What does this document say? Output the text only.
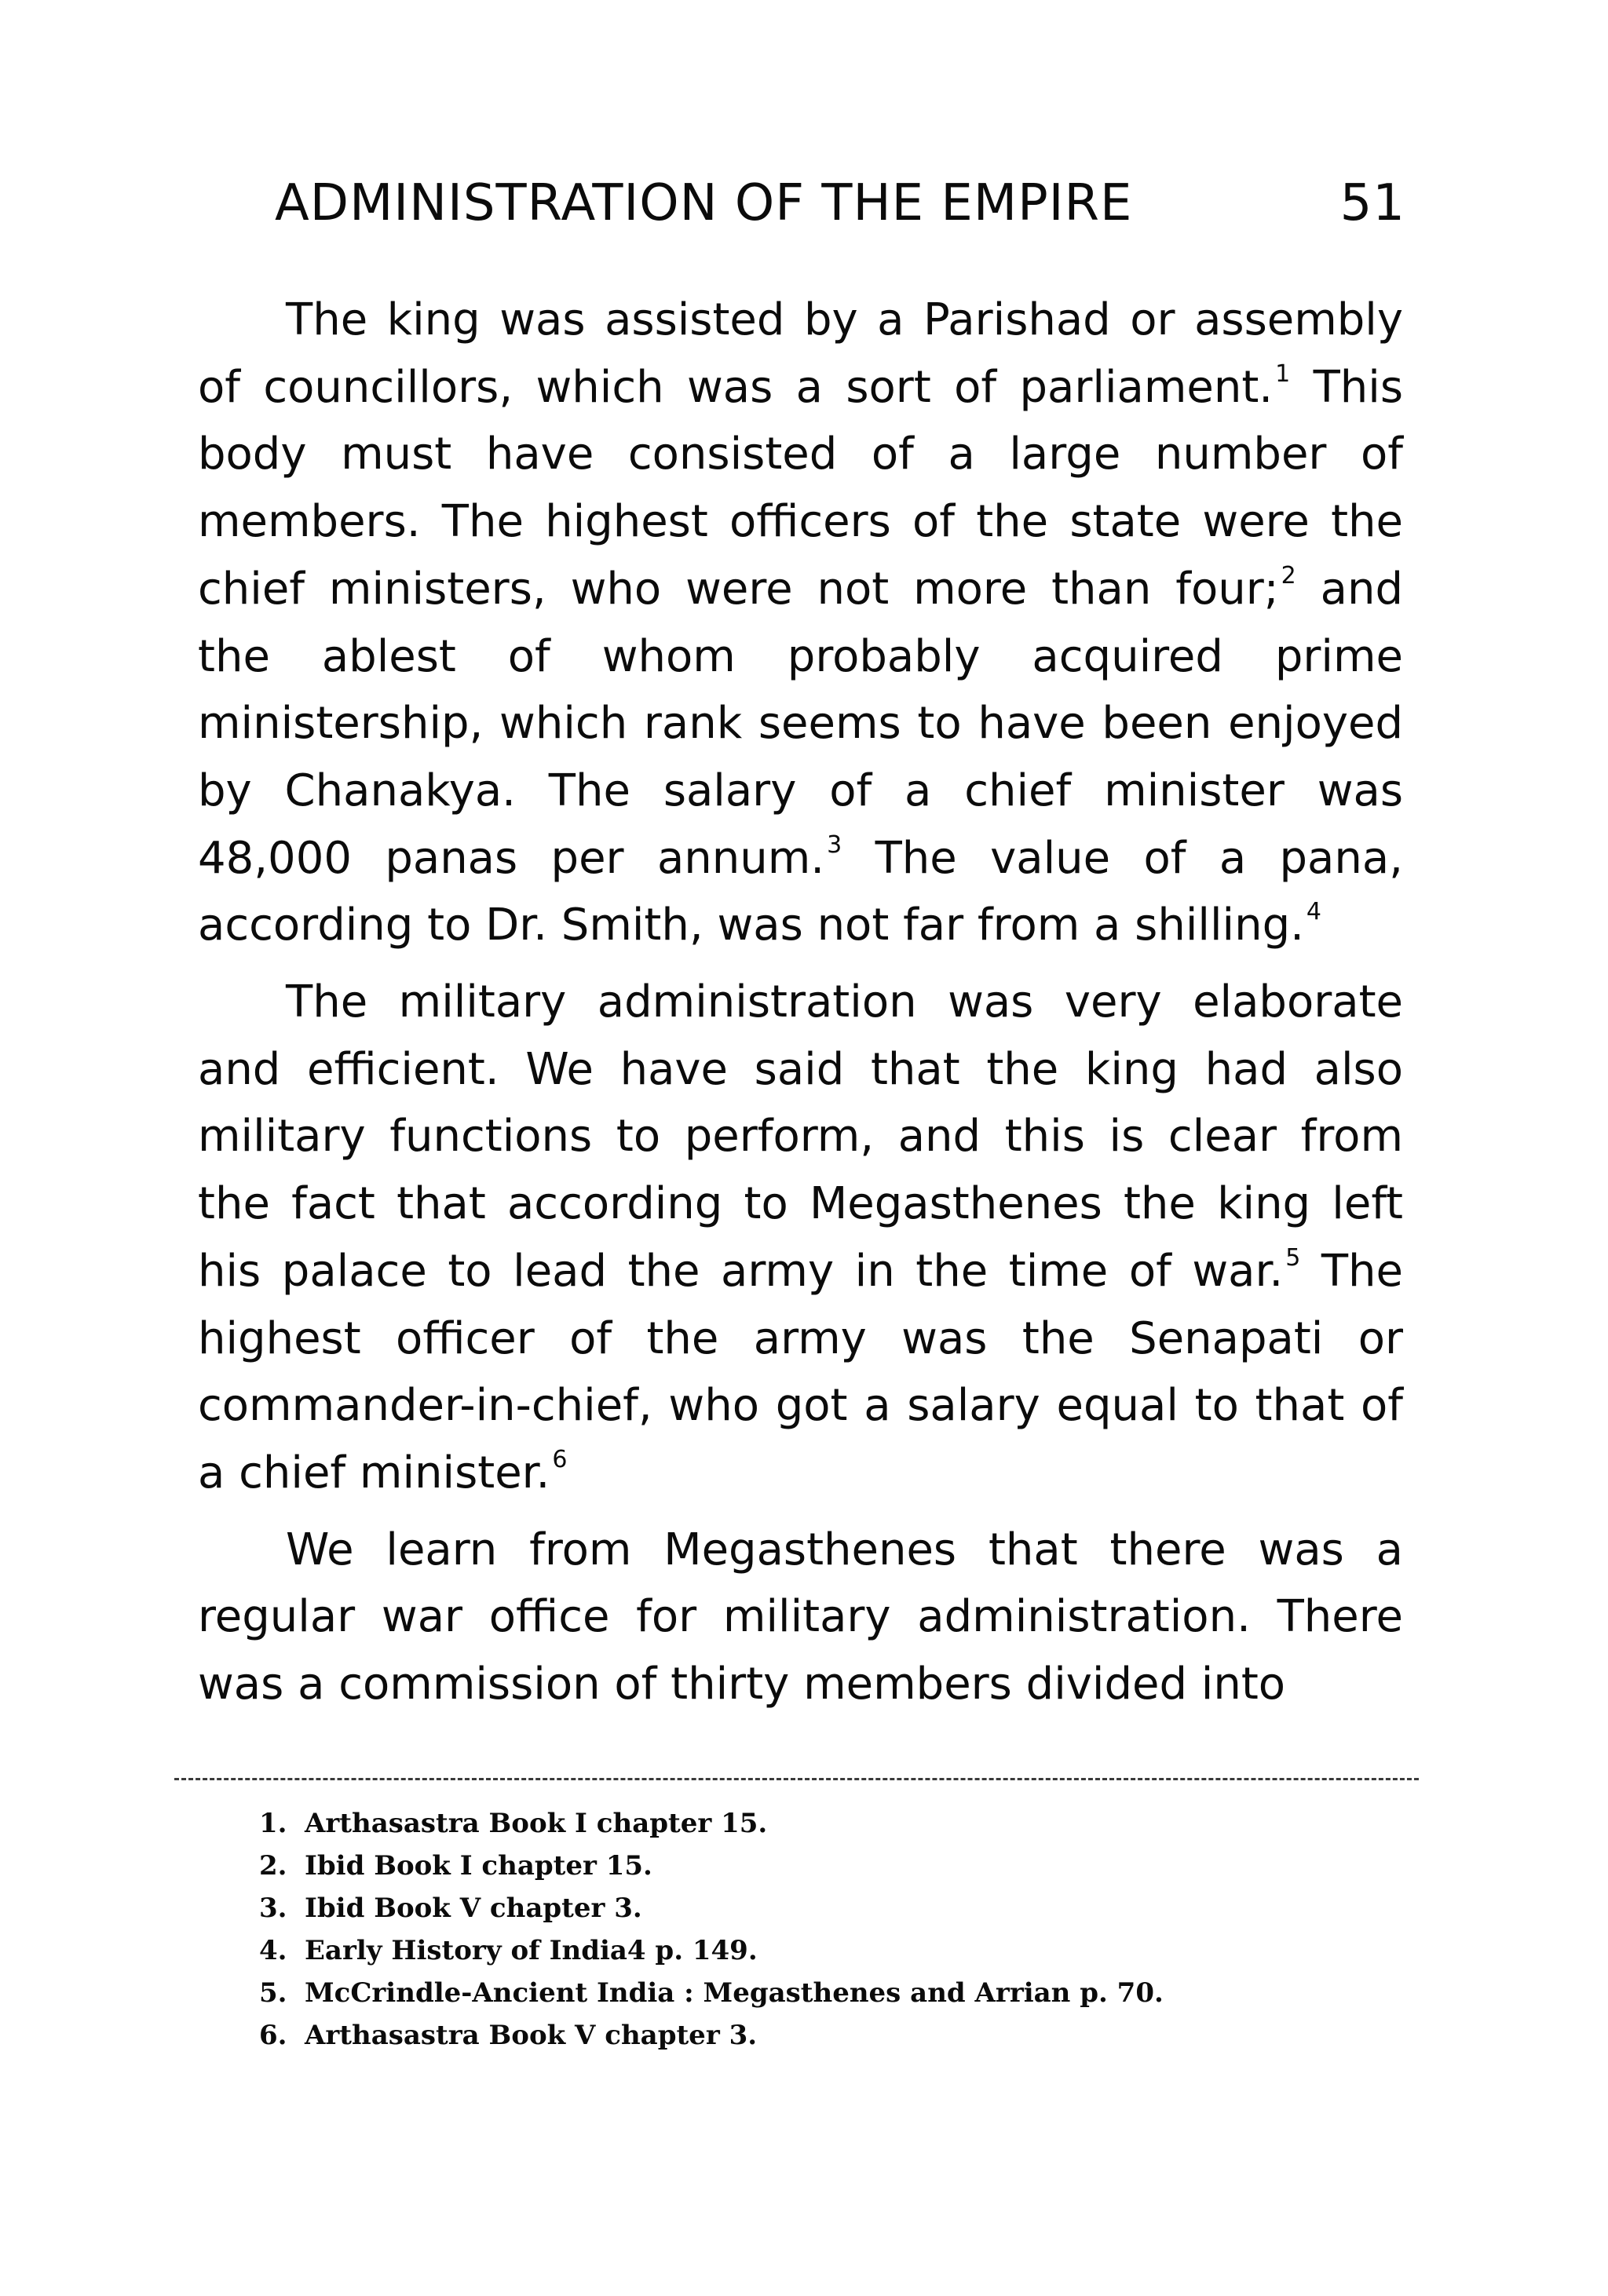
ADMINISTRATION OF THE EMPIRE	51

The king was assisted by a Parishad or assembly of councillors, which was a sort of parliament. $^1$ This body must have consisted of a large number of members. The highest officers of the state were the chief ministers, who were not more than four; $^2$ and the ablest of whom probably acquired prime ministership, which rank seems to have been enjoyed by Chanakya. The salary of a chief minister was 48,000 panas per annum. $^3$ The value of a pana, according to Dr. Smith, was not far from a shilling. $^4$

The military administration was very elaborate and efficient. We have said that the king had also military functions to perform, and this is clear from the fact that according to Megasthenes the king left his palace to lead the army in the time of war. $^5$ The highest officer of the army was the Senapati or commander-in-chief, who got a salary equal to that of a chief minister. $^6$

We learn from Megasthenes that there was a regular war office for military administration. There was a commission of thirty members divided into

1. Arthasastra Book I chapter 15.
2. Ibid Book I chapter 15.
3. Ibid Book V chapter 3.
4. Early History of India4 p. 149.
5. McCrindle-Ancient India : Megasthenes and Arrian p. 70.
6. Arthasastra Book V chapter 3.
